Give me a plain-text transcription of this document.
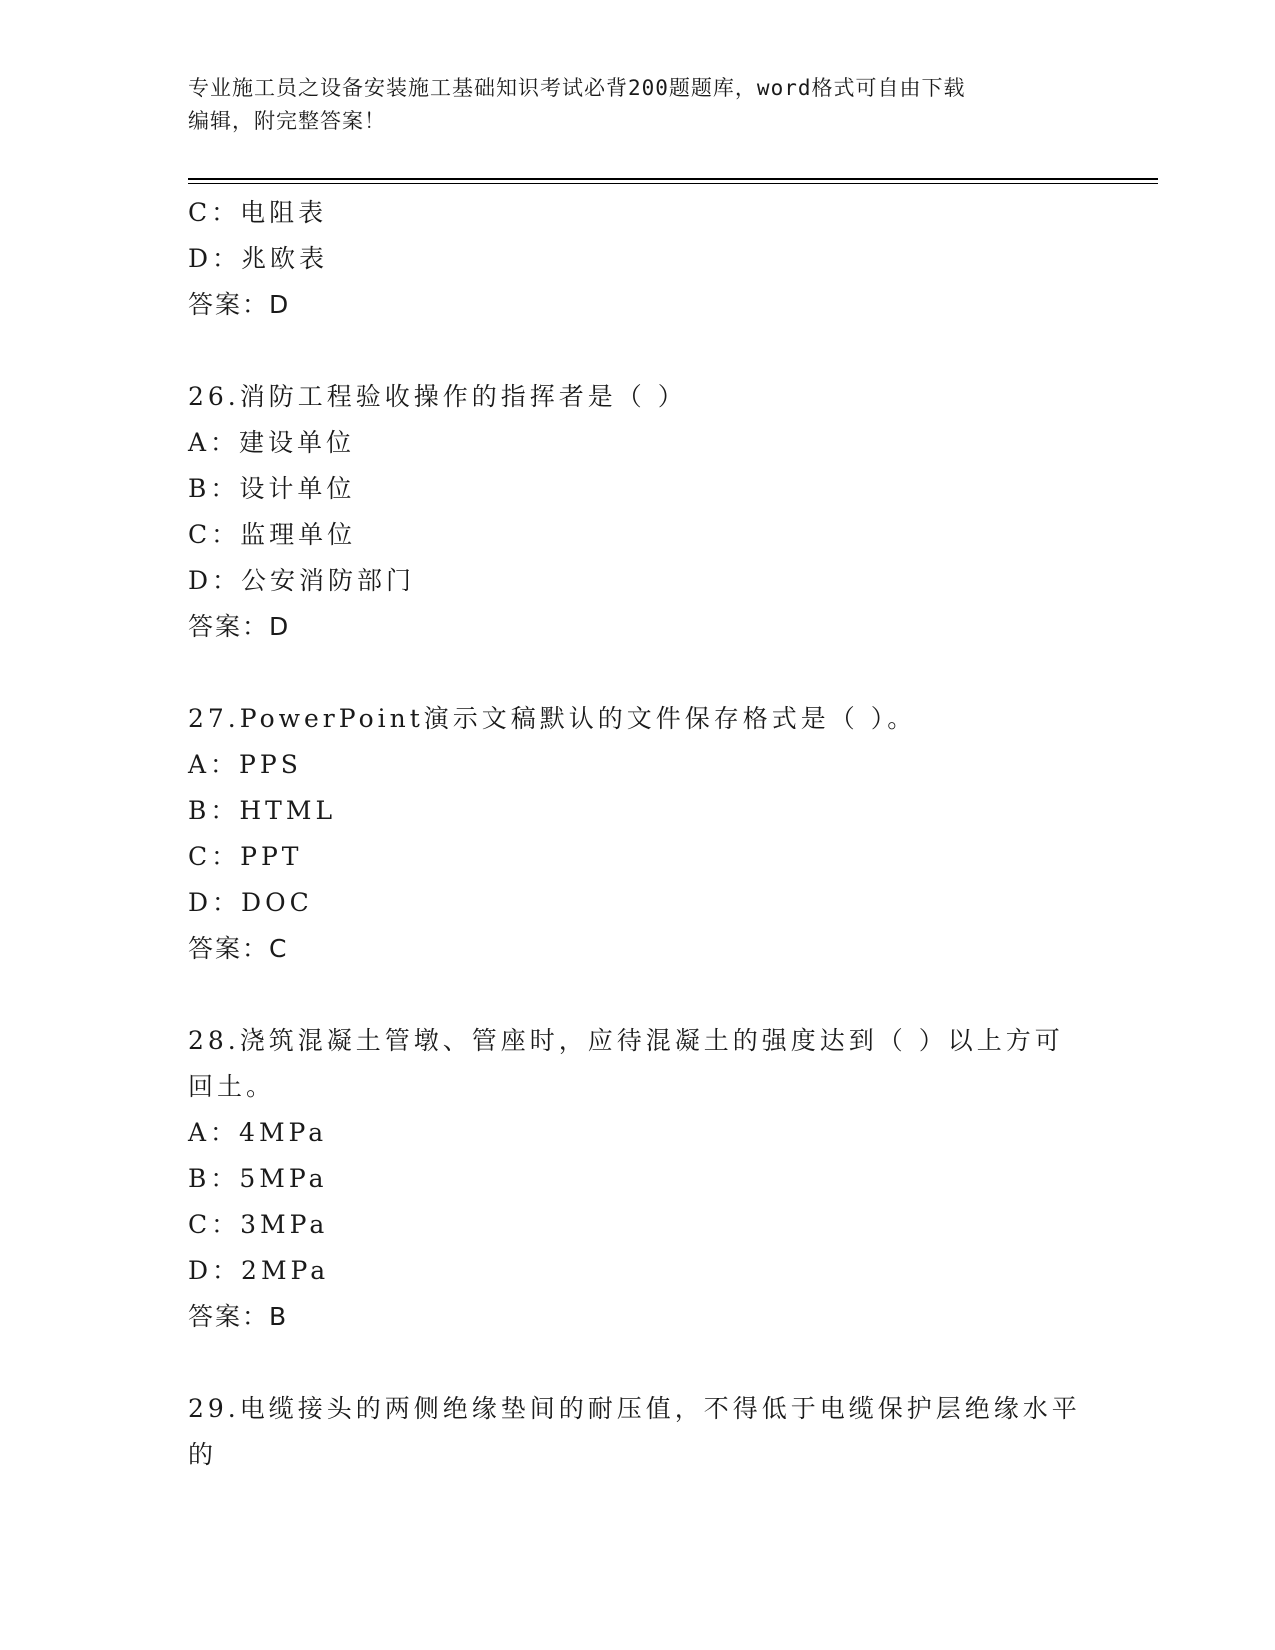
专业施工员之设备安装施工基础知识考试必背200题题库，word格式可自由下载
编辑，附完整答案！
C：电阻表
D：兆欧表
答案：D
26.消防工程验收操作的指挥者是（ ）
A：建设单位
B：设计单位
C：监理单位
D：公安消防部门
答案：D
27.PowerPoint演示文稿默认的文件保存格式是（ ）。
A：PPS
B：HTML
C：PPT
D：DOC
答案：C
28.浇筑混凝土管墩、管座时，应待混凝土的强度达到（ ）以上方可
回土。
A：4MPa
B：5MPa
C：3MPa
D：2MPa
答案：B
29.电缆接头的两侧绝缘垫间的耐压值，不得低于电缆保护层绝缘水平
的
